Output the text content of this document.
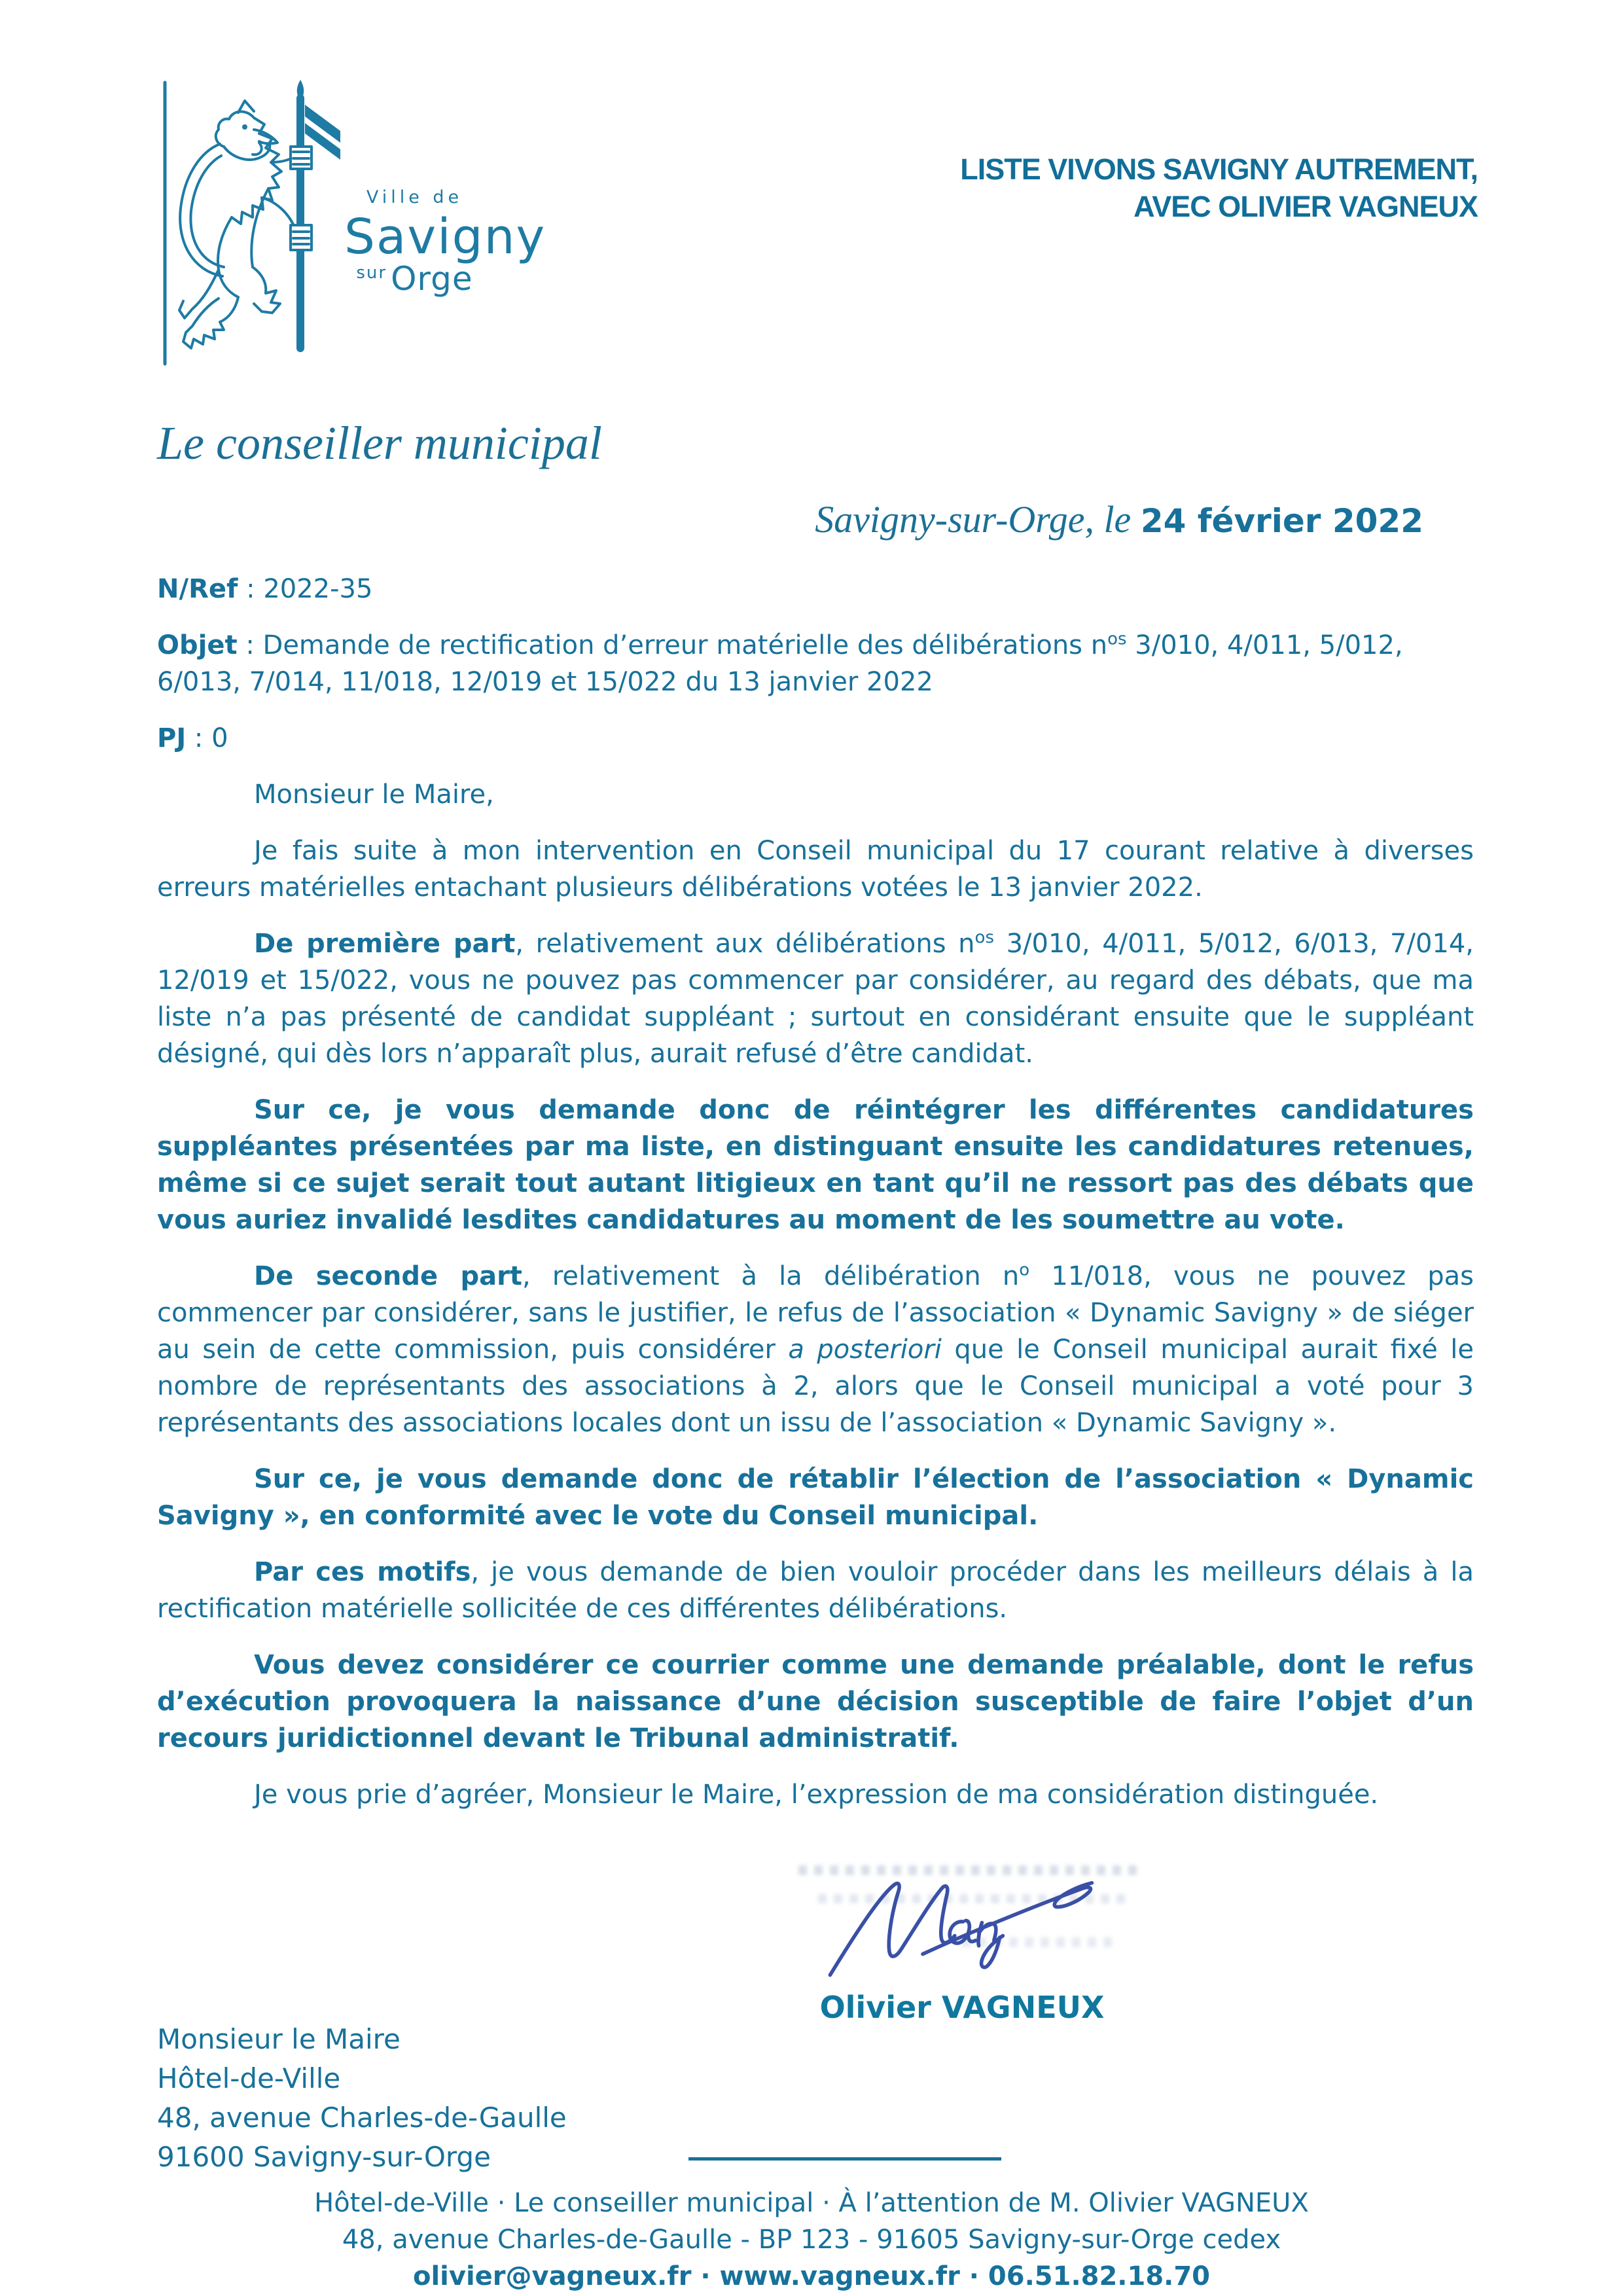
Ville de
Savigny
$^{sur}$ Orge
LISTE VIVONS SAVIGNY AUTREMENT,
AVEC OLIVIER VAGNEUX
Le conseiller municipal
Savigny-sur-Orge, le 24 février 2022

N/Ref : 2022-35

Objet : Demande de rectification d’erreur matérielle des délibérations $n^{os}$ 3/010, 4/011, 5/012, 6/013, 7/014, 11/018, 12/019 et 15/022 du 13 janvier 2022

PJ : 0

Monsieur le Maire,

Je fais suite à mon intervention en Conseil municipal du 17 courant relative à diverses erreurs matérielles entachant plusieurs délibérations votées le 13 janvier 2022.

De première part, relativement aux délibérations $n^{os}$ 3/010, 4/011, 5/012, 6/013, 7/014, 12/019 et 15/022, vous ne pouvez pas commencer par considérer, au regard des débats, que ma liste n’a pas présenté de candidat suppléant ; surtout en considérant ensuite que le suppléant désigné, qui dès lors n’apparaît plus, aurait refusé d’être candidat.

Sur ce, je vous demande donc de réintégrer les différentes candidatures suppléantes présentées par ma liste, en distinguant ensuite les candidatures retenues, même si ce sujet serait tout autant litigieux en tant qu’il ne ressort pas des débats que vous auriez invalidé lesdites candidatures au moment de les soumettre au vote.

De seconde part, relativement à la délibération $n^o$ 11/018, vous ne pouvez pas commencer par considérer, sans le justifier, le refus de l’association « Dynamic Savigny » de siéger au sein de cette commission, puis considérer a posteriori que le Conseil municipal aurait fixé le nombre de représentants des associations à 2, alors que le Conseil municipal a voté pour 3 représentants des associations locales dont un issu de l’association « Dynamic Savigny ».

Sur ce, je vous demande donc de rétablir l’élection de l’association « Dynamic Savigny », en conformité avec le vote du Conseil municipal.

Par ces motifs, je vous demande de bien vouloir procéder dans les meilleurs délais à la rectification matérielle sollicitée de ces différentes délibérations.

Vous devez considérer ce courrier comme une demande préalable, dont le refus d’exécution provoquera la naissance d’une décision susceptible de faire l’objet d’un recours juridictionnel devant le Tribunal administratif.

Je vous prie d’agréer, Monsieur le Maire, l’expression de ma considération distinguée.

Olivier VAGNEUX
Monsieur le Maire
Hôtel-de-Ville
48, avenue Charles-de-Gaulle
91600 Savigny-sur-Orge
Hôtel-de-Ville · Le conseiller municipal · À l’attention de M. Olivier VAGNEUX
48, avenue Charles-de-Gaulle - BP 123 - 91605 Savigny-sur-Orge cedex
olivier@vagneux.fr · www.vagneux.fr · 06.51.82.18.70
